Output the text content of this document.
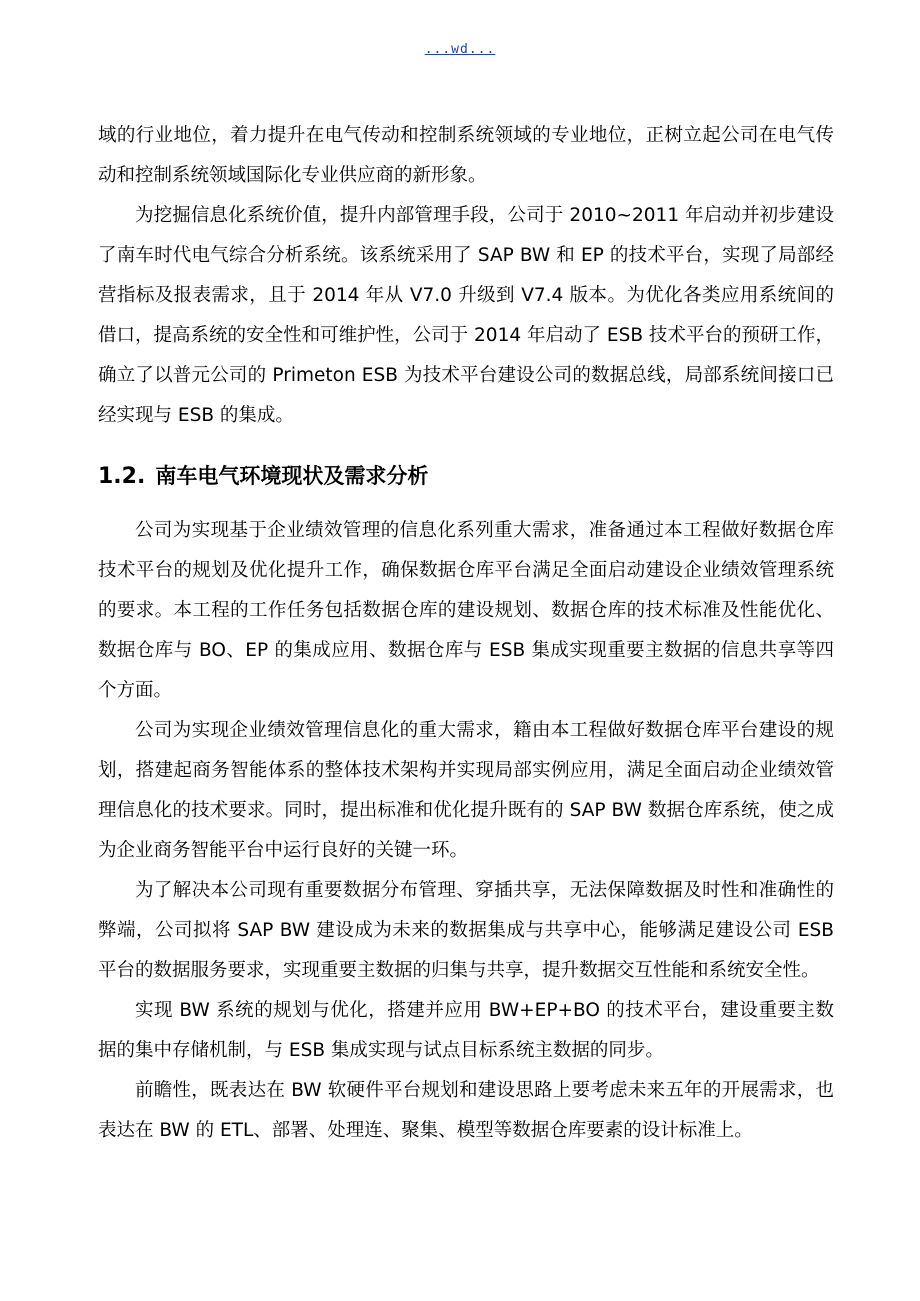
...wd...

域的行业地位，着力提升在电气传动和控制系统领域的专业地位，正树立起公司在电气传动和控制系统领域国际化专业供应商的新形象。

为挖掘信息化系统价值，提升内部管理手段，公司于 2010~2011 年启动并初步建设了南车时代电气综合分析系统。该系统采用了 SAP BW 和 EP 的技术平台，实现了局部经营指标及报表需求，且于 2014 年从 V7.0 升级到 V7.4 版本。为优化各类应用系统间的借口，提高系统的安全性和可维护性，公司于 2014 年启动了 ESB 技术平台的预研工作，确立了以普元公司的 Primeton ESB 为技术平台建设公司的数据总线，局部系统间接口已经实现与 ESB 的集成。

1.2. 南车电气环境现状及需求分析

公司为实现基于企业绩效管理的信息化系列重大需求，准备通过本工程做好数据仓库技术平台的规划及优化提升工作，确保数据仓库平台满足全面启动建设企业绩效管理系统的要求。本工程的工作任务包括数据仓库的建设规划、数据仓库的技术标准及性能优化、数据仓库与 BO、EP 的集成应用、数据仓库与 ESB 集成实现重要主数据的信息共享等四个方面。

公司为实现企业绩效管理信息化的重大需求，籍由本工程做好数据仓库平台建设的规划，搭建起商务智能体系的整体技术架构并实现局部实例应用，满足全面启动企业绩效管理信息化的技术要求。同时，提出标准和优化提升既有的 SAP BW 数据仓库系统，使之成为企业商务智能平台中运行良好的关键一环。

为了解决本公司现有重要数据分布管理、穿插共享，无法保障数据及时性和准确性的弊端，公司拟将 SAP BW 建设成为未来的数据集成与共享中心，能够满足建设公司 ESB 平台的数据服务要求，实现重要主数据的归集与共享，提升数据交互性能和系统安全性。

实现 BW 系统的规划与优化，搭建并应用 BW+EP+BO 的技术平台，建设重要主数据的集中存储机制，与 ESB 集成实现与试点目标系统主数据的同步。

前瞻性，既表达在 BW 软硬件平台规划和建设思路上要考虑未来五年的开展需求，也表达在 BW 的 ETL、部署、处理连、聚集、模型等数据仓库要素的设计标准上。
